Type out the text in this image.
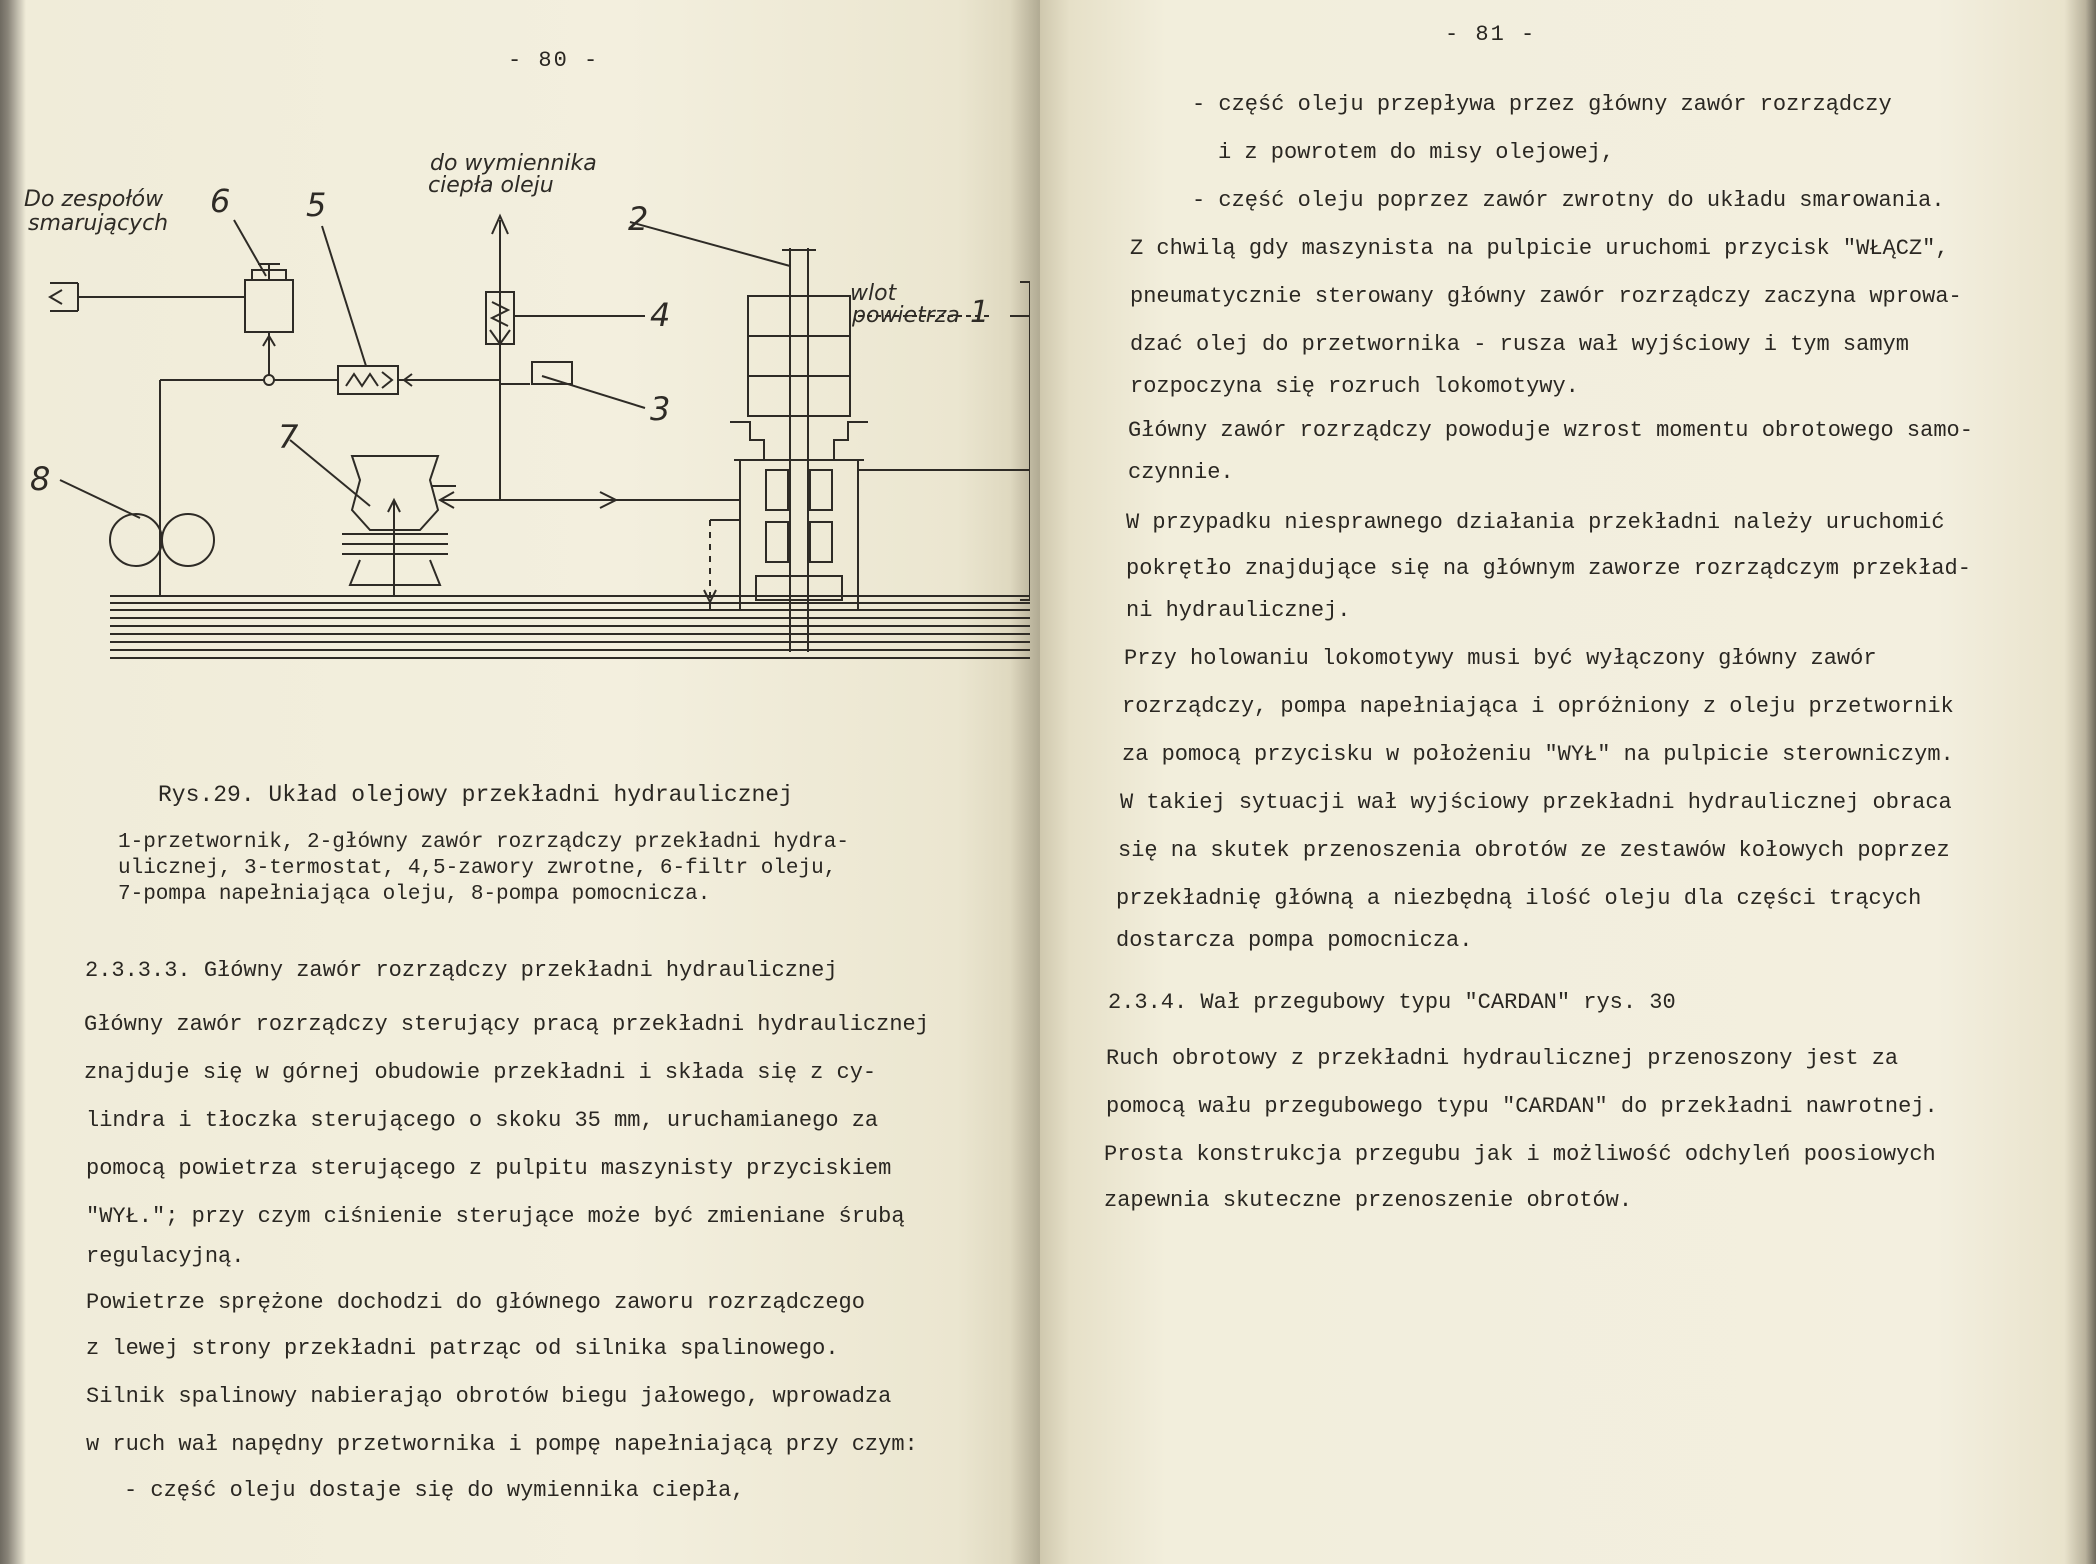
- 80 -
Do zespołów
smarujących
do wymiennika
ciepła oleju
wlot
powietrza 1
2
3
4
5
6
7
8
Rys.29. Układ olejowy przekładni hydraulicznej
1-przetwornik, 2-główny zawór rozrządczy przekładni hydra-
ulicznej, 3-termostat, 4,5-zawory zwrotne, 6-filtr oleju,
7-pompa napełniająca oleju, 8-pompa pomocnicza.
2.3.3.3. Główny zawór rozrządczy przekładni hydraulicznej
Główny zawór rozrządczy sterujący pracą przekładni hydraulicznej
znajduje się w górnej obudowie przekładni i składa się z cy-
lindra i tłoczka sterującego o skoku 35 mm, uruchamianego za
pomocą powietrza sterującego z pulpitu maszynisty przyciskiem
"WYŁ."; przy czym ciśnienie sterujące może być zmieniane śrubą
regulacyjną.
Powietrze sprężone dochodzi do głównego zaworu rozrządczego
z lewej strony przekładni patrząc od silnika spalinowego.
Silnik spalinowy nabierająo obrotów biegu jałowego, wprowadza
w ruch wał napędny przetwornika i pompę napełniającą przy czym:
- część oleju dostaje się do wymiennika ciepła,
- 81 -
- część oleju przepływa przez główny zawór rozrządczy
i z powrotem do misy olejowej,
- część oleju poprzez zawór zwrotny do układu smarowania.
Z chwilą gdy maszynista na pulpicie uruchomi przycisk "WŁĄCZ",
pneumatycznie sterowany główny zawór rozrządczy zaczyna wprowa-
dzać olej do przetwornika - rusza wał wyjściowy i tym samym
rozpoczyna się rozruch lokomotywy.
Główny zawór rozrządczy powoduje wzrost momentu obrotowego samo-
czynnie.
W przypadku niesprawnego działania przekładni należy uruchomić
pokrętło znajdujące się na głównym zaworze rozrządczym przekład-
ni hydraulicznej.
Przy holowaniu lokomotywy musi być wyłączony główny zawór
rozrządczy, pompa napełniająca i opróżniony z oleju przetwornik
za pomocą przycisku w położeniu "WYŁ" na pulpicie sterowniczym.
W takiej sytuacji wał wyjściowy przekładni hydraulicznej obraca
się na skutek przenoszenia obrotów ze zestawów kołowych poprzez
przekładnię główną a niezbędną ilość oleju dla części trących
dostarcza pompa pomocnicza.
2.3.4. Wał przegubowy typu "CARDAN" rys. 30
Ruch obrotowy z przekładni hydraulicznej przenoszony jest za
pomocą wału przegubowego typu "CARDAN" do przekładni nawrotnej.
Prosta konstrukcja przegubu jak i możliwość odchyleń poosiowych
zapewnia skuteczne przenoszenie obrotów.
